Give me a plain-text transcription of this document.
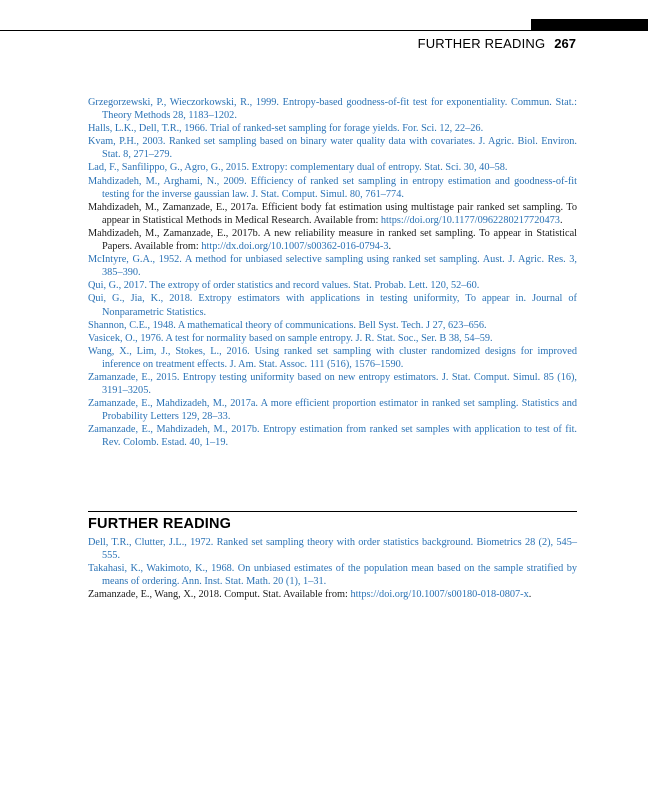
FURTHER READING 267
Grzegorzewski, P., Wieczorkowski, R., 1999. Entropy-based goodness-of-fit test for exponentiality. Commun. Stat.: Theory Methods 28, 1183–1202.
Halls, L.K., Dell, T.R., 1966. Trial of ranked-set sampling for forage yields. For. Sci. 12, 22–26.
Kvam, P.H., 2003. Ranked set sampling based on binary water quality data with covariates. J. Agric. Biol. Environ. Stat. 8, 271–279.
Lad, F., Sanfilippo, G., Agro, G., 2015. Extropy: complementary dual of entropy. Stat. Sci. 30, 40–58.
Mahdizadeh, M., Arghami, N., 2009. Efficiency of ranked set sampling in entropy estimation and goodness-of-fit testing for the inverse gaussian law. J. Stat. Comput. Simul. 80, 761–774.
Mahdizadeh, M., Zamanzade, E., 2017a. Efficient body fat estimation using multistage pair ranked set sampling. To appear in Statistical Methods in Medical Research. Available from: https://doi.org/10.1177/0962280217720473.
Mahdizadeh, M., Zamanzade, E., 2017b. A new reliability measure in ranked set sampling. To appear in Statistical Papers. Available from: http://dx.doi.org/10.1007/s00362-016-0794-3.
McIntyre, G.A., 1952. A method for unbiased selective sampling using ranked set sampling. Aust. J. Agric. Res. 3, 385–390.
Qui, G., 2017. The extropy of order statistics and record values. Stat. Probab. Lett. 120, 52–60.
Qui, G., Jia, K., 2018. Extropy estimators with applications in testing uniformity, To appear in. Journal of Nonparametric Statistics.
Shannon, C.E., 1948. A mathematical theory of communications. Bell Syst. Tech. J 27, 623–656.
Vasicek, O., 1976. A test for normality based on sample entropy. J. R. Stat. Soc., Ser. B 38, 54–59.
Wang, X., Lim, J., Stokes, L., 2016. Using ranked set sampling with cluster randomized designs for improved inference on treatment effects. J. Am. Stat. Assoc. 111 (516), 1576–1590.
Zamanzade, E., 2015. Entropy testing uniformity based on new entropy estimators. J. Stat. Comput. Simul. 85 (16), 3191–3205.
Zamanzade, E., Mahdizadeh, M., 2017a. A more efficient proportion estimator in ranked set sampling. Statistics and Probability Letters 129, 28–33.
Zamanzade, E., Mahdizadeh, M., 2017b. Entropy estimation from ranked set samples with application to test of fit. Rev. Colomb. Estad. 40, 1–19.
FURTHER READING
Dell, T.R., Clutter, J.L., 1972. Ranked set sampling theory with order statistics background. Biometrics 28 (2), 545–555.
Takahasi, K., Wakimoto, K., 1968. On unbiased estimates of the population mean based on the sample stratified by means of ordering. Ann. Inst. Stat. Math. 20 (1), 1–31.
Zamanzade, E., Wang, X., 2018. Comput. Stat. Available from: https://doi.org/10.1007/s00180-018-0807-x.
